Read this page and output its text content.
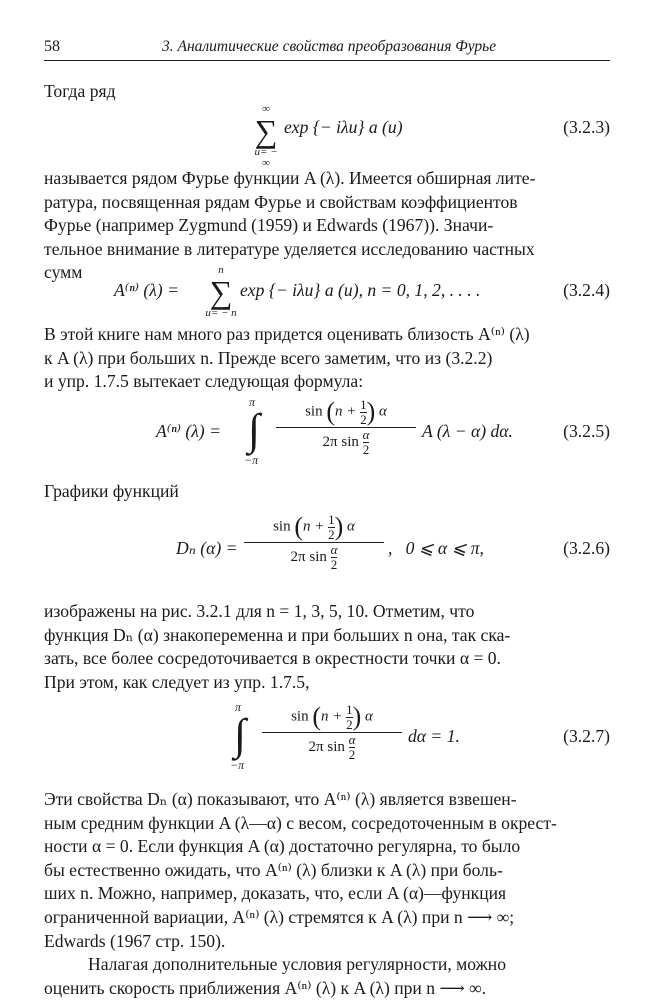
58	3. Аналитические свойства преобразования Фурье
Тогда ряд
∞
∑
u= − ∞
exp {− iλu} a (u)	(3.2.3)
называется рядом Фурье функции A (λ). Имеется обширная лите-
ратура, посвященная рядам Фурье и свойствам коэффициентов
Фурье (например Zygmund (1959) и Edwards (1967)). Значи-
тельное внимание в литературе уделяется исследованию частных
сумм
A⁽ⁿ⁾ (λ) =
n
∑
u= − n
exp {− iλu} a (u), n = 0, 1, 2, . . . .	(3.2.4)
В этой книге нам много раз придется оценивать близость A⁽ⁿ⁾ (λ)
к A (λ) при больших n. Прежде всего заметим, что из (3.2.2)
и упр. 1.7.5 вытекает следующая формула:
A⁽ⁿ⁾ (λ) =
π
∫
−π
$\sin (n + \frac{1}{2}$ ) α
2π $\sin \frac{\alpha}{2}$	A (λ − α) dα.	(3.2.5)
Графики функций
Dₙ (α) =
$\sin (n + \frac{1}{2}$ ) α
2π $\sin \frac{\alpha}{2}$	,   0 ⩽ α ⩽ π,	(3.2.6)
изображены на рис. 3.2.1 для n = 1, 3, 5, 10. Отметим, что
функция Dₙ (α) знакопеременна и при больших n она, так ска-
зать, все более сосредоточивается в окрестности точки α = 0.
При этом, как следует из упр. 1.7.5,
π
∫
−π
$\sin (n + \frac{1}{2}$ ) α
2π $\sin \frac{\alpha}{2}$	dα = 1.	(3.2.7)
Эти свойства Dₙ (α) показывают, что A⁽ⁿ⁾ (λ) является взвешен-
ным средним функции A (λ—α) с весом, сосредоточенным в окрест-
ности α = 0. Если функция A (α) достаточно регулярна, то было
бы естественно ожидать, что A⁽ⁿ⁾ (λ) близки к A (λ) при боль-
ших n. Можно, например, доказать, что, если A (α)—функция
ограниченной вариации, A⁽ⁿ⁾ (λ) стремятся к A (λ) при n ⟶ ∞;
Edwards (1967 стр. 150).
Налагая дополнительные условия регулярности, можно
оценить скорость приближения A⁽ⁿ⁾ (λ) к A (λ) при n ⟶ ∞.
